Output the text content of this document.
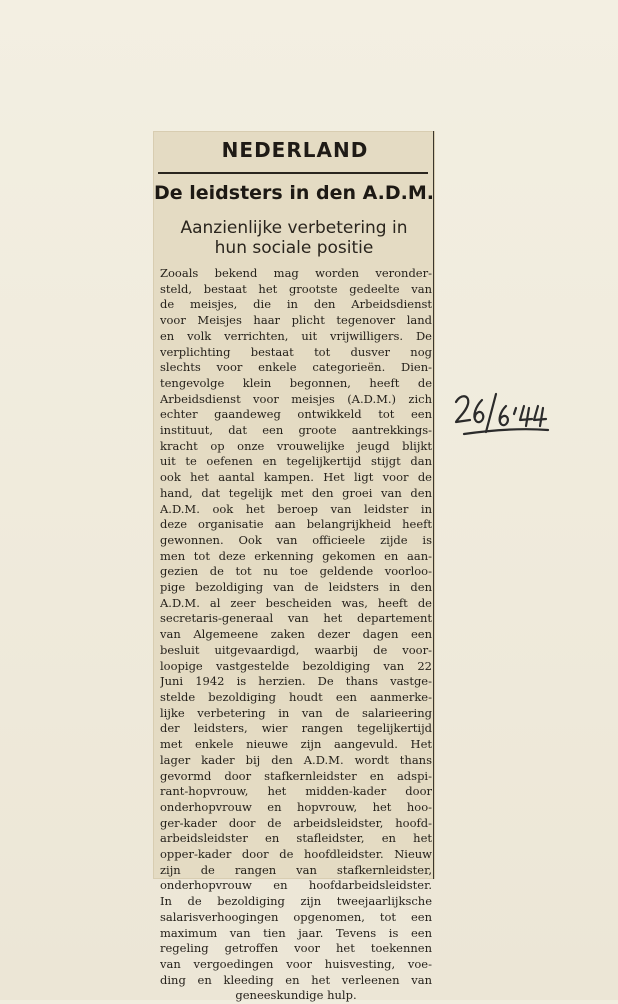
NEDERLAND
De leidsters in den A.D.M.
Aanzienlijke verbetering in hun sociale positie
Zooals bekend mag worden veronder-
steld, bestaat het grootste gedeelte van
de meisjes, die in den Arbeidsdienst
voor Meisjes haar plicht tegenover land
en volk verrichten, uit vrijwilligers. De
verplichting bestaat tot dusver nog
slechts voor enkele categorieën. Dien-
tengevolge klein begonnen, heeft de
Arbeidsdienst voor meisjes (A.D.M.) zich
echter gaandeweg ontwikkeld tot een
instituut, dat een groote aantrekkings-
kracht op onze vrouwelijke jeugd blijkt
uit te oefenen en tegelijkertijd stijgt dan
ook het aantal kampen. Het ligt voor de
hand, dat tegelijk met den groei van den
A.D.M. ook het beroep van leidster in
deze organisatie aan belangrijkheid heeft
gewonnen. Ook van officieele zijde is
men tot deze erkenning gekomen en aan-
gezien de tot nu toe geldende voorloo-
pige bezoldiging van de leidsters in den
A.D.M. al zeer bescheiden was, heeft de
secretaris-generaal van het departement
van Algemeene zaken dezer dagen een
besluit uitgevaardigd, waarbij de voor-
loopige vastgestelde bezoldiging van 22
Juni 1942 is herzien. De thans vastge-
stelde bezoldiging houdt een aanmerke-
lijke verbetering in van de salarieering
der leidsters, wier rangen tegelijkertijd
met enkele nieuwe zijn aangevuld. Het
lager kader bij den A.D.M. wordt thans
gevormd door stafkernleidster en adspi-
rant-hopvrouw, het midden-kader door
onderhopvrouw en hopvrouw, het hoo-
ger-kader door de arbeidsleidster, hoofd-
arbeidsleidster en stafleidster, en het
opper-kader door de hoofdleidster. Nieuw
zijn de rangen van stafkernleidster,
onderhopvrouw en hoofdarbeidsleidster.
In de bezoldiging zijn tweejaarlijksche
salarisverhoogingen opgenomen, tot een
maximum van tien jaar. Tevens is een
regeling getroffen voor het toekennen
van vergoedingen voor huisvesting, voe-
ding en kleeding en het verleenen van
geneeskundige hulp.
